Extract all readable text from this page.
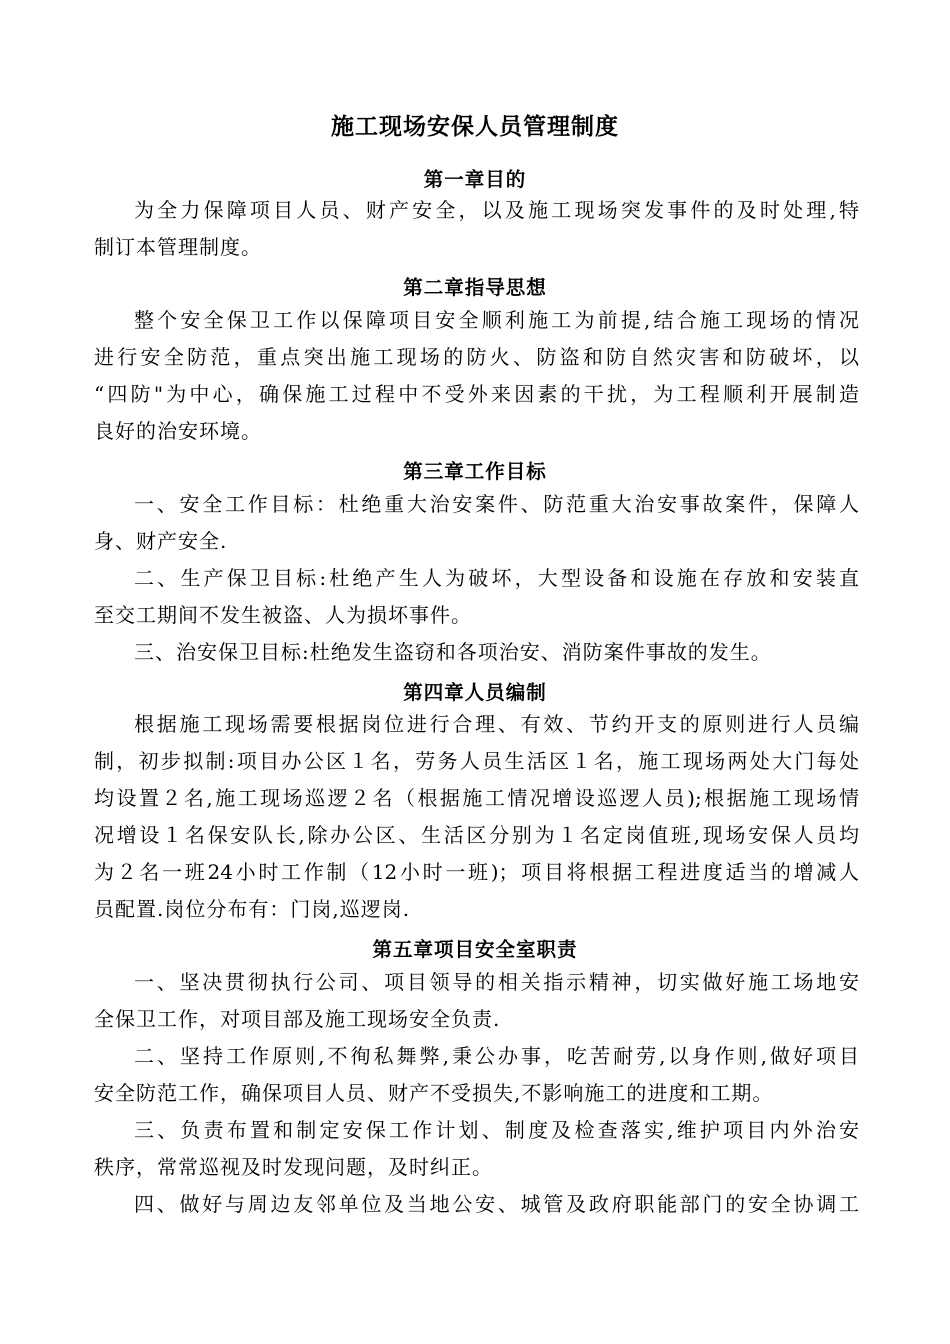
施工现场安保人员管理制度
第一章目的
为全力保障项目人员、财产安全，以及施工现场突发事件的及时处理,特
制订本管理制度。
第二章指导思想
整个安全保卫工作以保障项目安全顺利施工为前提,结合施工现场的情况
进行安全防范，重点突出施工现场的防火、防盗和防自然灾害和防破坏，以
“四防"为中心，确保施工过程中不受外来因素的干扰，为工程顺利开展制造
良好的治安环境。
第三章工作目标
一、安全工作目标：杜绝重大治安案件、防范重大治安事故案件，保障人
身、财产安全.
二、生产保卫目标:杜绝产生人为破坏，大型设备和设施在存放和安装直
至交工期间不发生被盗、人为损坏事件。
三、治安保卫目标:杜绝发生盗窃和各项治安、消防案件事故的发生。
第四章人员编制
根据施工现场需要根据岗位进行合理、有效、节约开支的原则进行人员编
制，初步拟制:项目办公区１名，劳务人员生活区１名，施工现场两处大门每处
均设置２名,施工现场巡逻２名（根据施工情况增设巡逻人员);根据施工现场情
况增设１名保安队长,除办公区、生活区分别为１名定岗值班,现场安保人员均
为２名一班24小时工作制（12小时一班)；项目将根据工程进度适当的增减人
员配置.岗位分布有：门岗,巡逻岗.
第五章项目安全室职责
一、坚决贯彻执行公司、项目领导的相关指示精神，切实做好施工场地安
全保卫工作，对项目部及施工现场安全负责.
二、坚持工作原则,不徇私舞弊,秉公办事，吃苦耐劳,以身作则,做好项目
安全防范工作，确保项目人员、财产不受损失,不影响施工的进度和工期。
三、负责布置和制定安保工作计划、制度及检查落实,维护项目内外治安
秩序，常常巡视及时发现问题，及时纠正。
四、做好与周边友邻单位及当地公安、城管及政府职能部门的安全协调工
